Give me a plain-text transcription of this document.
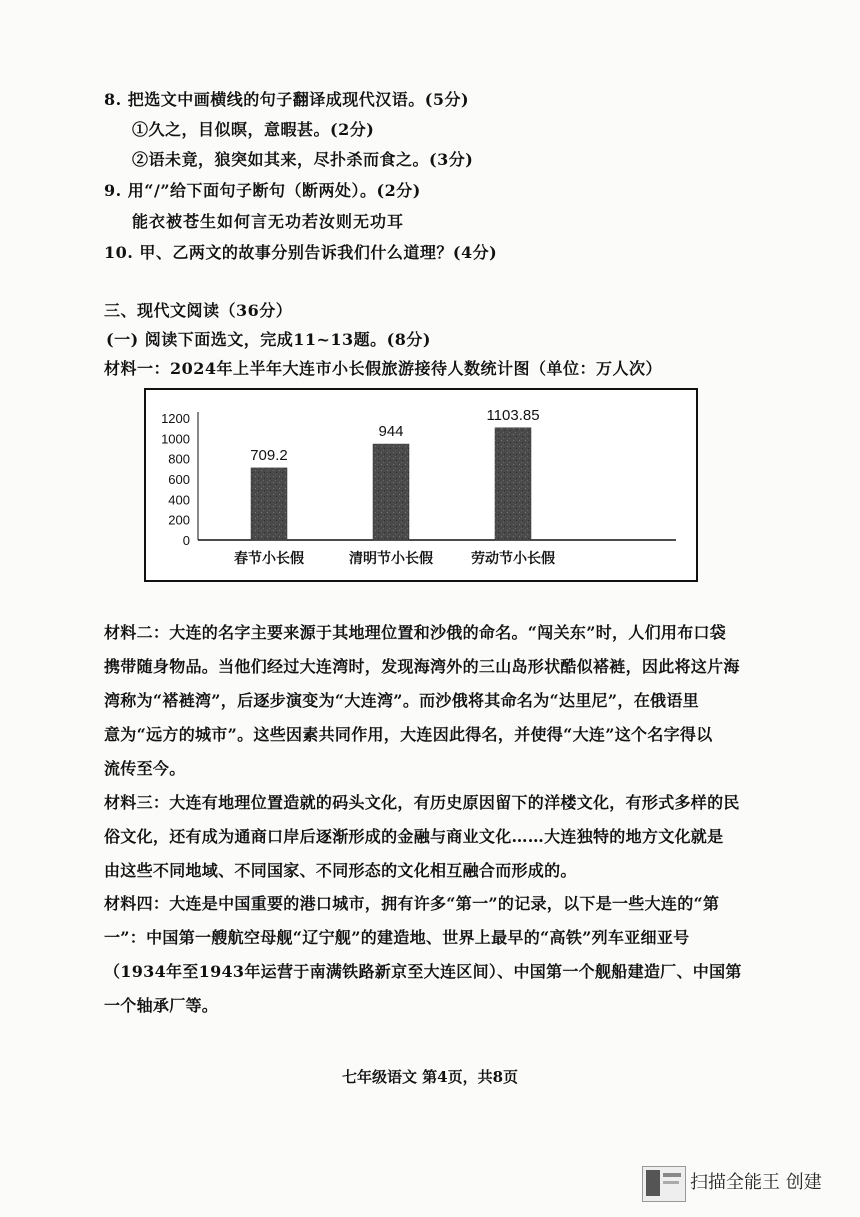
8. 把选文中画横线的句子翻译成现代汉语。(5分)
①久之，目似暝，意暇甚。(2分)
②语未竟，狼突如其来，尽扑杀而食之。(3分)
9. 用“/”给下面句子断句（断两处）。(2分)
能衣被苍生如何言无功若汝则无功耳
10. 甲、乙两文的故事分别告诉我们什么道理？(4分)
三、现代文阅读（36分）
(一) 阅读下面选文，完成11~13题。(8分)
材料一：2024年上半年大连市小长假旅游接待人数统计图（单位：万人次）
1200
1000
800
600
400
200
0
709.2
春节小长假
944
清明节小长假
1103.85
劳动节小长假
材料二：大连的名字主要来源于其地理位置和沙俄的命名。“闯关东”时，人们用布口袋
携带随身物品。当他们经过大连湾时，发现海湾外的三山岛形状酷似褡裢，因此将这片海
湾称为“褡裢湾”，后逐步演变为“大连湾”。而沙俄将其命名为“达里尼”，在俄语里
意为“远方的城市”。这些因素共同作用，大连因此得名，并使得“大连”这个名字得以
流传至今。
材料三：大连有地理位置造就的码头文化，有历史原因留下的洋楼文化，有形式多样的民
俗文化，还有成为通商口岸后逐渐形成的金融与商业文化……大连独特的地方文化就是
由这些不同地域、不同国家、不同形态的文化相互融合而形成的。
材料四：大连是中国重要的港口城市，拥有许多“第一”的记录，以下是一些大连的“第
一”：中国第一艘航空母舰“辽宁舰”的建造地、世界上最早的“高铁”列车亚细亚号
（1934年至1943年运营于南满铁路新京至大连区间）、中国第一个舰船建造厂、中国第
一个轴承厂等。
七年级语文 第4页，共8页
扫描全能王 创建
